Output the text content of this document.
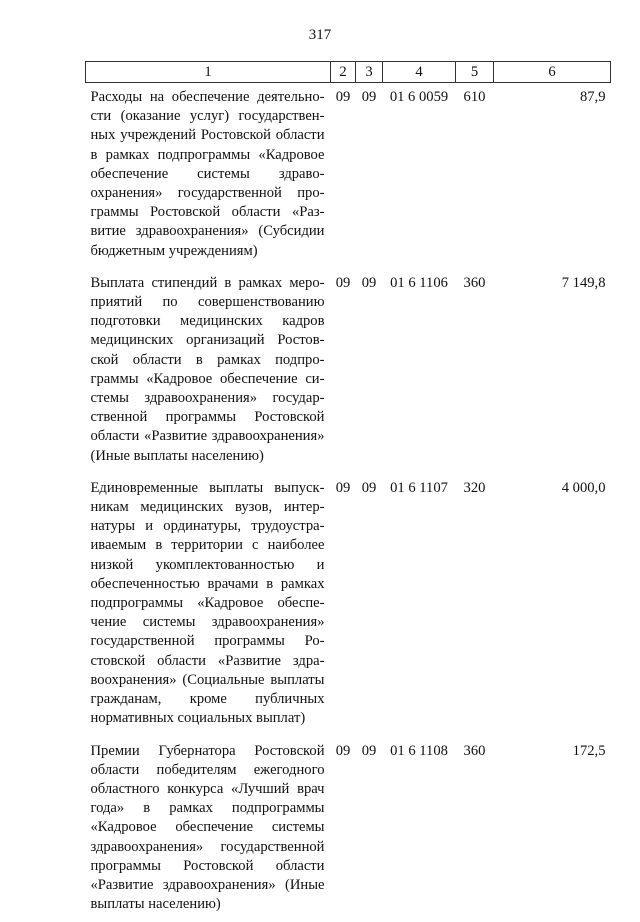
317
1	2	3	4	5	6
Расходы на обеспечение деятельности (оказание услуг) государственных учреждений Ростовской области в рамках подпрограммы «Кадровое обеспечение системы здравоохранения» государственной программы Ростовской области «Развитие здравоохранения» (Субсидии бюджетным учреждениям)	09	09	01 6 0059	610	87,9
Выплата стипендий в рамках мероприятий по совершенствованию подготовки медицинских кадров медицинских организаций Ростовской области в рамках подпрограммы «Кадровое обеспечение системы здравоохранения» государственной программы Ростовской области «Развитие здравоохранения» (Иные выплаты населению)	09	09	01 6 1106	360	7 149,8
Единовременные выплаты выпускникам медицинских вузов, интернатуры и ординатуры, трудоустраиваемым в территории с наиболее низкой укомплектованностью и обеспеченностью врачами в рамках подпрограммы «Кадровое обеспечение системы здравоохранения» государственной программы Ростовской области «Развитие здравоохранения» (Социальные выплаты гражданам, кроме публичных нормативных социальных выплат)	09	09	01 6 1107	320	4 000,0
Премии Губернатора Ростовской области победителям ежегодного областного конкурса «Лучший врач года» в рамках подпрограммы «Кадровое обеспечение системы здравоохранения» государственной программы Ростовской области «Развитие здравоохранения» (Иные выплаты населению)	09	09	01 6 1108	360	172,5
